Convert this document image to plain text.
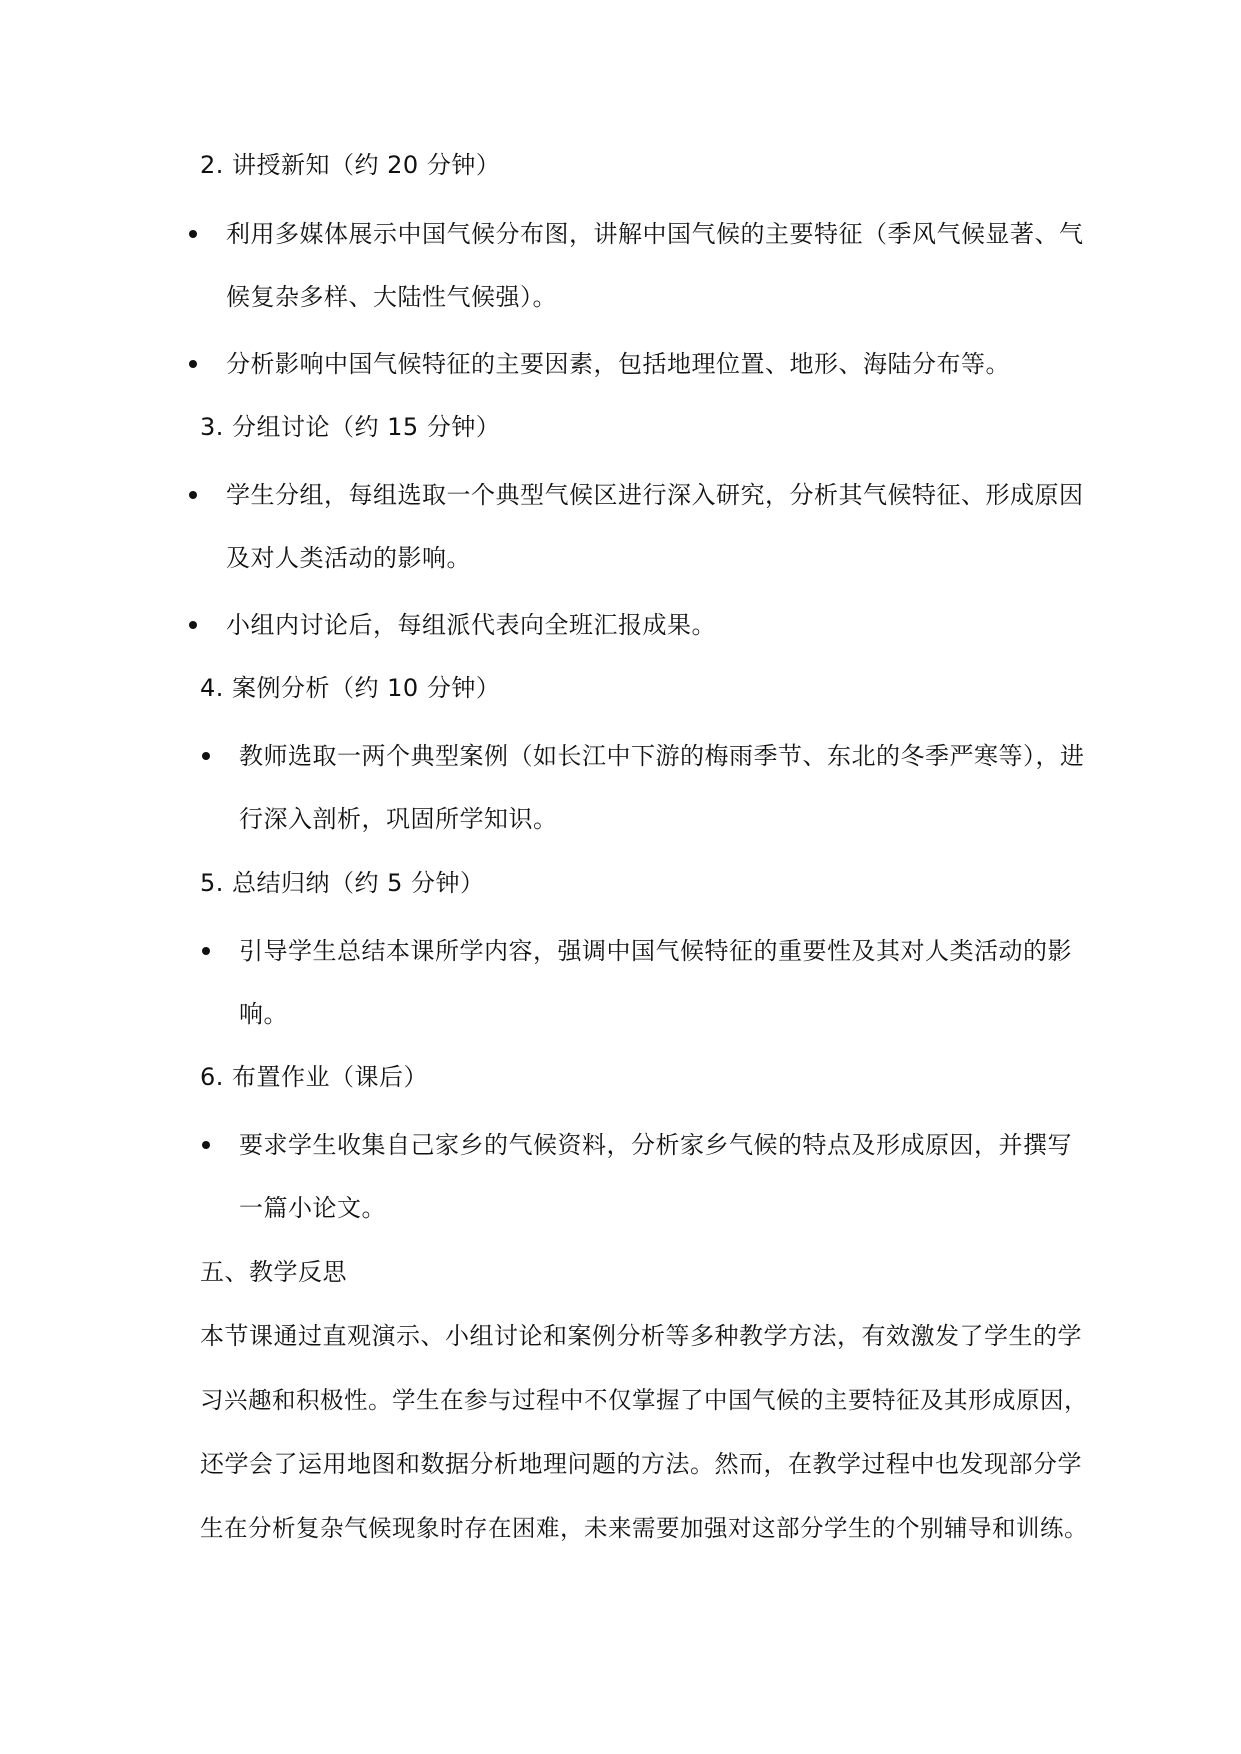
2. 讲授新知（约 20 分钟）
利用多媒体展示中国气候分布图，讲解中国气候的主要特征（季风气候显著、气
候复杂多样、大陆性气候强）。
分析影响中国气候特征的主要因素，包括地理位置、地形、海陆分布等。
3. 分组讨论（约 15 分钟）
学生分组，每组选取一个典型气候区进行深入研究，分析其气候特征、形成原因
及对人类活动的影响。
小组内讨论后，每组派代表向全班汇报成果。
4. 案例分析（约 10 分钟）
教师选取一两个典型案例（如长江中下游的梅雨季节、东北的冬季严寒等），进
行深入剖析，巩固所学知识。
5. 总结归纳（约 5 分钟）
引导学生总结本课所学内容，强调中国气候特征的重要性及其对人类活动的影
响。
6. 布置作业（课后）
要求学生收集自己家乡的气候资料，分析家乡气候的特点及形成原因，并撰写
一篇小论文。
五、教学反思
本节课通过直观演示、小组讨论和案例分析等多种教学方法，有效激发了学生的学
习兴趣和积极性。学生在参与过程中不仅掌握了中国气候的主要特征及其形成原因，
还学会了运用地图和数据分析地理问题的方法。然而，在教学过程中也发现部分学
生在分析复杂气候现象时存在困难，未来需要加强对这部分学生的个别辅导和训练。
